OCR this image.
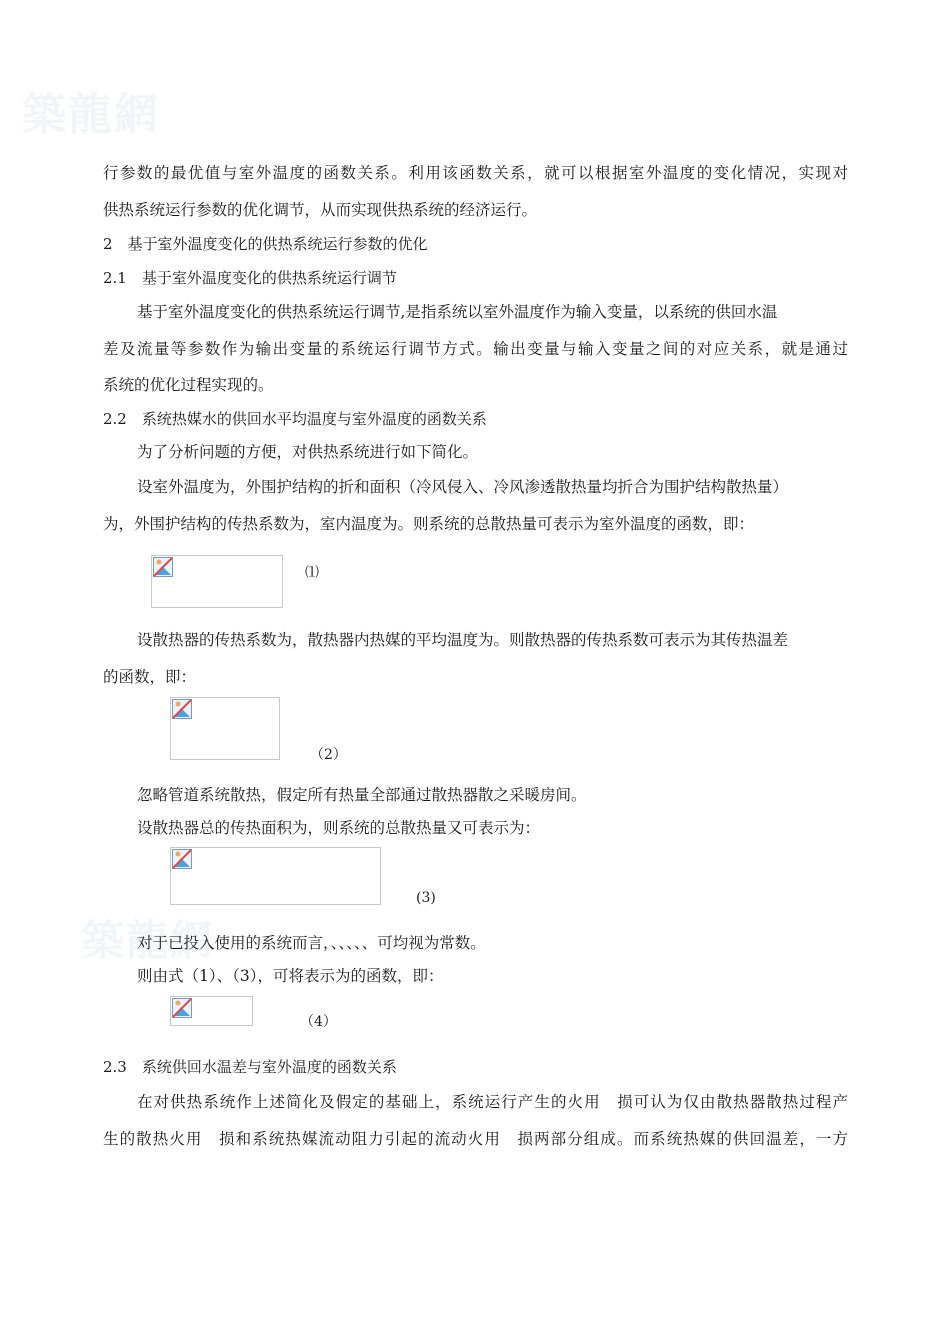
築龍網
築龍網
行参数的最优值与室外温度的函数关系。利用该函数关系，就可以根据室外温度的变化情况，实现对
供热系统运行参数的优化调节，从而实现供热系统的经济运行。
2　基于室外温度变化的供热系统运行参数的优化
2.1　基于室外温度变化的供热系统运行调节
基于室外温度变化的供热系统运行调节,是指系统以室外温度作为输入变量，以系统的供回水温
差及流量等参数作为输出变量的系统运行调节方式。输出变量与输入变量之间的对应关系，就是通过
系统的优化过程实现的。
2.2　系统热媒水的供回水平均温度与室外温度的函数关系
为了分析问题的方便，对供热系统进行如下简化。
设室外温度为，外围护结构的折和面积（冷风侵入、冷风渗透散热量均折合为围护结构散热量）
为，外围护结构的传热系数为，室内温度为。则系统的总散热量可表示为室外温度的函数，即：
⑴
设散热器的传热系数为，散热器内热媒的平均温度为。则散热器的传热系数可表示为其传热温差
的函数，即：
（2）
忽略管道系统散热，假定所有热量全部通过散热器散之采暖房间。
设散热器总的传热面积为，则系统的总散热量又可表示为：
(3)
对于已投入使用的系统而言，、、、、、可均视为常数。
则由式（1）、（3），可将表示为的函数，即：
（4）
2.3　系统供回水温差与室外温度的函数关系
在对供热系统作上述简化及假定的基础上，系统运行产生的火用　损可认为仅由散热器散热过程产
生的散热火用　损和系统热媒流动阻力引起的流动火用　损两部分组成。而系统热媒的供回温差，一方
